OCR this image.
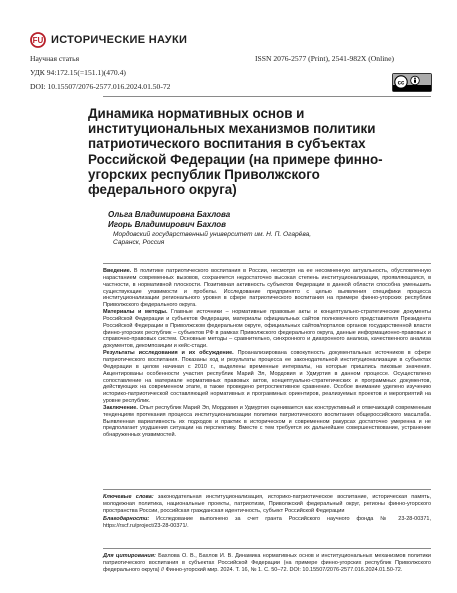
FU ИСТОРИЧЕСКИЕ НАУКИ
Научная статья	ISSN 2076-2577 (Print), 2541-982X (Online)
УДК 94:172.15(=151.1)(470.4)
DOI: 10.15507/2076-2577.016.2024.01.50-72	cc
Динамика нормативных основ и институциональных механизмов политики патриотического воспитания в субъектах Российской Федерации (на примере финно-угорских республик Приволжского федерального округа)
Ольга Владимировна Бахлова
Игорь Владимирович Бахлов
Мордовский государственный университет им. Н. П. Огарёва,
Саранск, Россия

Введение. В политике патриотического воспитания в России, несмотря на ее несомненную актуальность, обусловленную нарастанием современных вызовов, сохраняется недостаточно высокая степень институционализации, проявляющаяся, в частности, в нормативной плоскости. Позитивная активность субъектов Федерации в данной области способна уменьшить существующие уязвимости и пробелы. Исследование предпринято с целью выявления специфики процесса институционализации регионального уровня в сфере патриотического воспитания на примере финно-угорских республик Приволжского федерального округа.

Материалы и методы. Главные источники – нормативные правовые акты и концептуально-стратегические документы Российской Федерации и субъектов Федерации, материалы официальных сайтов полномочного представителя Президента Российской Федерации в Приволжском федеральном округе, официальных сайтов/порталов органов государственной власти финно-угорских республик – субъектов РФ в рамках Приволжского федерального округа, данные информационно-правовых и справочно-правовых систем. Основные методы – сравнительно, синхронного и диахронного анализа, качественного анализа документов, декомпозиции и кейс-стади.

Результаты исследования и их обсуждение. Проанализирована совокупность документальных источников в сфере патриотического воспитания. Показаны ход и результаты процесса ее законодательной институционализации в субъектах Федерации в целом начиная с 2010 г., выделены временные интервалы, на которые пришлись пиковые значения. Акцентированы особенности участия республик Марий Эл, Мордовия и Удмуртия в данном процессе. Осуществлено сопоставление на материале нормативных правовых актов, концептуально-стратегических и программных документов, действующих на современном этапе, в также проведено ретроспективное сравнение. Особое внимание уделено изучению историко-патриотической составляющей нормативных и программных ориентиров, реализуемых проектов и мероприятий на уровне республик.

Заключение. Опыт республик Марий Эл, Мордовия и Удмуртия оценивается как конструктивный и отвечающий современным тенденциям протекания процесса институционализации политики патриотического воспитания общероссийского масштаба. Выявленная вариативность их подходов и практик в историческом и современном ракурсах достаточно умеренна и не предполагает ухудшения ситуации на перспективу. Вместе с тем требуется их дальнейшее совершенствование, устранение обнаруженных уязвимостей.

Ключевые слова: законодательная институционализация, историко-патриотическое воспитание, историческая память, молодежная политика, национальные проекты, патриотизм, Приволжский федеральный округ, регионы финно-угорского пространства России, российская гражданская идентичность, субъект Российской Федерации

Благодарности: Исследование выполнено за счет гранта Российского научного фонда № 23-28-00371, https://rscf.ru/project/23-28-00371/.

Для цитирования: Бахлова О. В., Бахлов И. В. Динамика нормативных основ и институциональных механизмов политики патриотического воспитания в субъектах Российской Федерации (на примере финно-угорских республик Приволжского федерального округа) // Финно-угорский мир. 2024. Т. 16, № 1. С. 50–72. DOI: 10.15507/2076-2577.016.2024.01.50-72.
